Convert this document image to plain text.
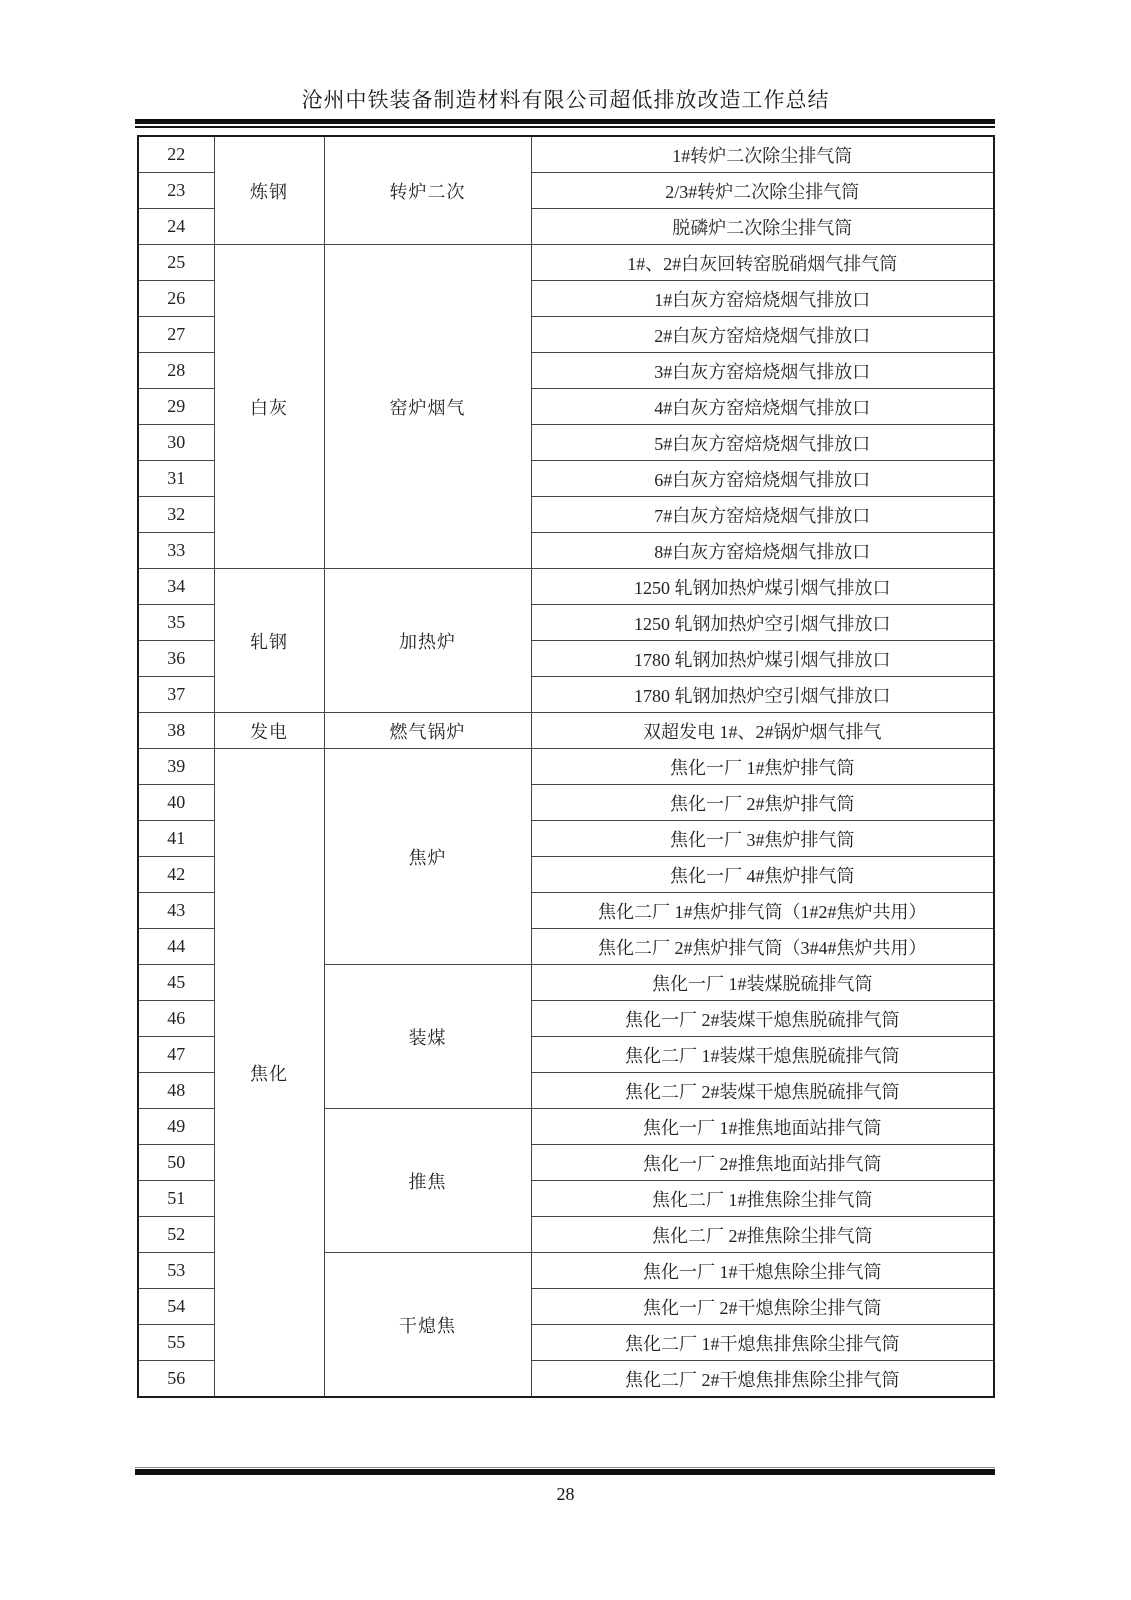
沧州中铁装备制造材料有限公司超低排放改造工作总结
22	炼钢	转炉二次	1#转炉二次除尘排气筒
23			2/3#转炉二次除尘排气筒
24			脱磷炉二次除尘排气筒
25	白灰	窑炉烟气	1#、2#白灰回转窑脱硝烟气排气筒
26			1#白灰方窑焙烧烟气排放口
27			2#白灰方窑焙烧烟气排放口
28			3#白灰方窑焙烧烟气排放口
29			4#白灰方窑焙烧烟气排放口
30			5#白灰方窑焙烧烟气排放口
31			6#白灰方窑焙烧烟气排放口
32			7#白灰方窑焙烧烟气排放口
33			8#白灰方窑焙烧烟气排放口
34	轧钢	加热炉	1250 轧钢加热炉煤引烟气排放口
35			1250 轧钢加热炉空引烟气排放口
36			1780 轧钢加热炉煤引烟气排放口
37			1780 轧钢加热炉空引烟气排放口
38	发电	燃气锅炉	双超发电 1#、2#锅炉烟气排气
39	焦化	焦炉	焦化一厂 1#焦炉排气筒
40			焦化一厂 2#焦炉排气筒
41			焦化一厂 3#焦炉排气筒
42			焦化一厂 4#焦炉排气筒
43			焦化二厂 1#焦炉排气筒（1#2#焦炉共用）
44			焦化二厂 2#焦炉排气筒（3#4#焦炉共用）
45		装煤	焦化一厂 1#装煤脱硫排气筒
46			焦化一厂 2#装煤干熄焦脱硫排气筒
47			焦化二厂 1#装煤干熄焦脱硫排气筒
48			焦化二厂 2#装煤干熄焦脱硫排气筒
49		推焦	焦化一厂 1#推焦地面站排气筒
50			焦化一厂 2#推焦地面站排气筒
51			焦化二厂 1#推焦除尘排气筒
52			焦化二厂 2#推焦除尘排气筒
53		干熄焦	焦化一厂 1#干熄焦除尘排气筒
54			焦化一厂 2#干熄焦除尘排气筒
55			焦化二厂 1#干熄焦排焦除尘排气筒
56			焦化二厂 2#干熄焦排焦除尘排气筒
28
